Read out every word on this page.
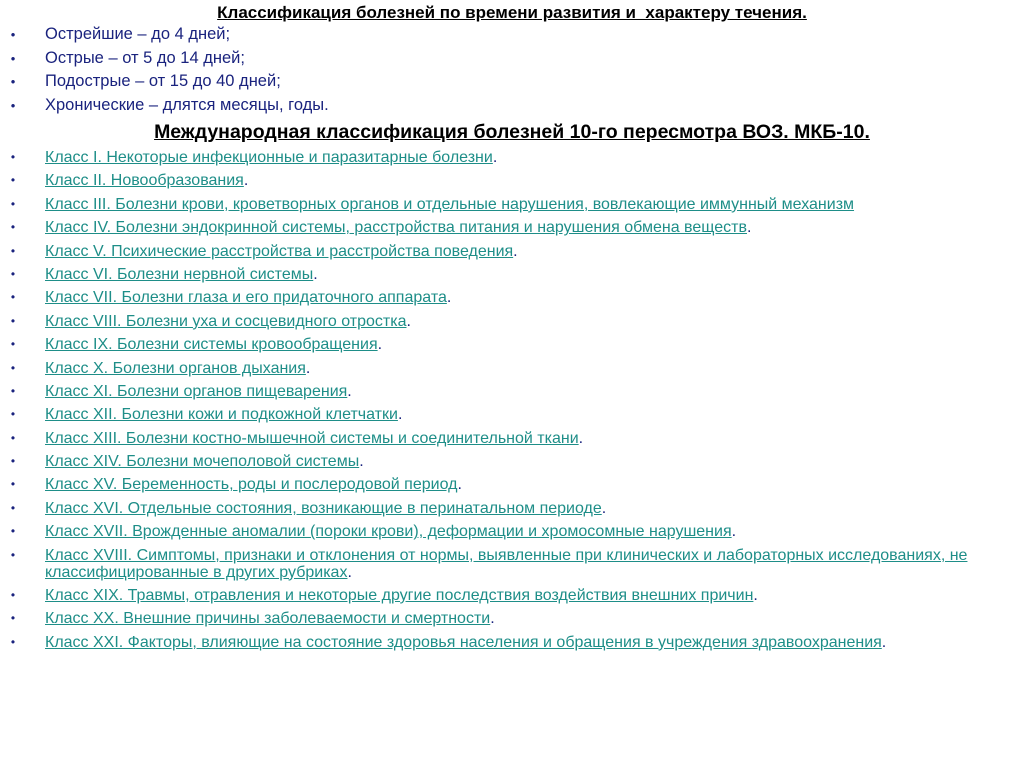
Классификация болезней по времени развития и  характеру течения.
• Острейшие – до 4 дней;
• Острые – от 5 до 14 дней;
• Подострые – от 15 до 40 дней;
• Хронические – длятся месяцы, годы.
Международная классификация болезней 10-го пересмотра ВОЗ. МКБ-10.
• Класс I. Некоторые инфекционные и паразитарные болезни.
• Класс II. Новообразования.
• Класс III. Болезни крови, кроветворных органов и отдельные нарушения, вовлекающие иммунный механизм
• Класс IV. Болезни эндокринной системы, расстройства питания и нарушения обмена веществ.
• Класс V. Психические расстройства и расстройства поведения.
• Класс VI. Болезни нервной системы.
• Класс VII. Болезни глаза и его придаточного аппарата.
• Класс VIII. Болезни уха и сосцевидного отростка.
• Класс IX. Болезни системы кровообращения.
• Класс X. Болезни органов дыхания.
• Класс XI. Болезни органов пищеварения.
• Класс XII. Болезни кожи и подкожной клетчатки.
• Класс XIII. Болезни костно-мышечной системы и соединительной ткани.
• Класс XIV. Болезни мочеполовой системы.
• Класс XV. Беременность, роды и послеродовой период.
• Класс XVI. Отдельные состояния, возникающие в перинатальном периоде.
• Класс XVII. Врожденные аномалии (пороки крови), деформации и хромосомные нарушения.
• Класс XVIII. Симптомы, признаки и отклонения от нормы, выявленные при клинических и лабораторных исследованиях, не классифицированные в других рубриках.
• Класс XIX. Травмы, отравления и некоторые другие последствия воздействия внешних причин.
• Класс XX. Внешние причины заболеваемости и смертности.
• Класс XXI. Факторы, влияющие на состояние здоровья населения и обращения в учреждения здравоохранения.
